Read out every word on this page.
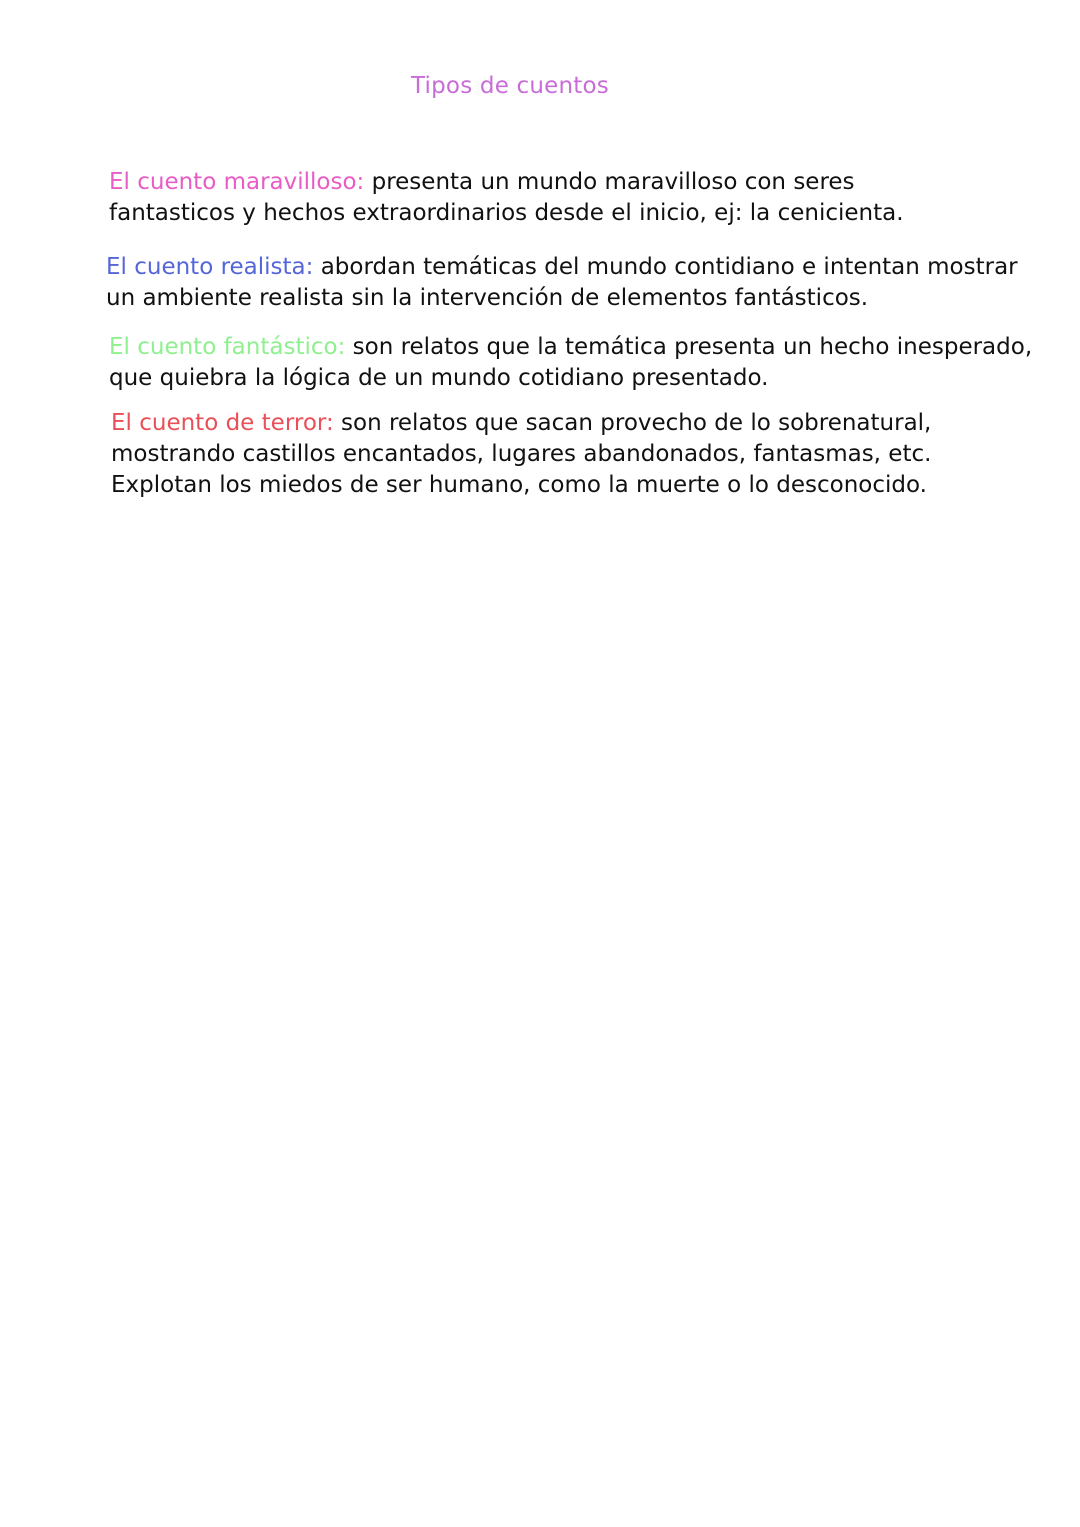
Tipos de cuentos

El cuento maravilloso: presenta un mundo maravilloso con seres
fantasticos y hechos extraordinarios desde el inicio, ej: la cenicienta.

El cuento realista: abordan temáticas del mundo contidiano e intentan mostrar
un ambiente realista sin la intervención de elementos fantásticos.

El cuento fantástico: son relatos que la temática presenta un hecho inesperado,
que quiebra la lógica de un mundo cotidiano presentado.

El cuento de terror: son relatos que sacan provecho de lo sobrenatural,
mostrando castillos encantados, lugares abandonados, fantasmas, etc.
Explotan los miedos de ser humano, como la muerte o lo desconocido.
